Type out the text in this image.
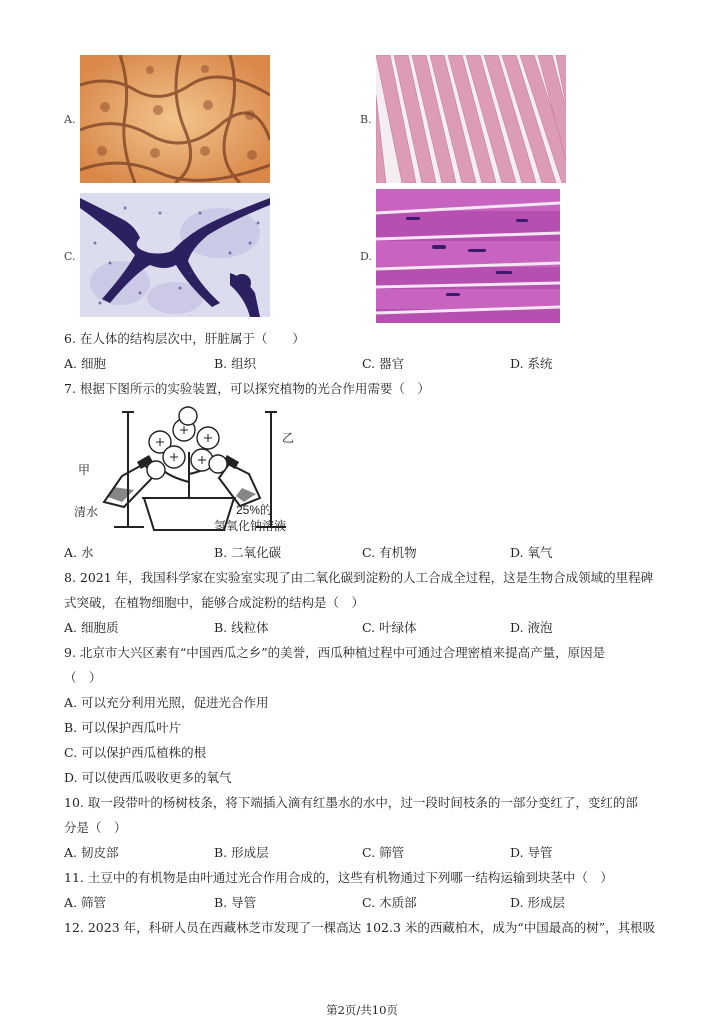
A.	B.
C.	D.
6. 在人体的结构层次中，肝脏属于（　　）
A. 细胞	B. 组织	C. 器官	D. 系统
7. 根据下图所示的实验装置，可以探究植物的光合作用需要（　）
甲
乙
清水	25%的
氢氧化钠溶液
A. 水	B. 二氧化碳	C. 有机物	D. 氧气
8. 2021 年，我国科学家在实验室实现了由二氧化碳到淀粉的人工合成全过程，这是生物合成领域的里程碑
式突破，在植物细胞中，能够合成淀粉的结构是（　）
A. 细胞质	B. 线粒体	C. 叶绿体	D. 液泡
9. 北京市大兴区素有“中国西瓜之乡”的美誉，西瓜种植过程中可通过合理密植来提高产量，原因是
（　）
A. 可以充分利用光照，促进光合作用
B. 可以保护西瓜叶片
C. 可以保护西瓜植株的根
D. 可以使西瓜吸收更多的氧气
10. 取一段带叶的杨树枝条，将下端插入滴有红墨水的水中，过一段时间枝条的一部分变红了，变红的部
分是（　）
A. 韧皮部	B. 形成层	C. 筛管	D. 导管
11. 土豆中的有机物是由叶通过光合作用合成的，这些有机物通过下列哪一结构运输到块茎中（　）
A. 筛管	B. 导管	C. 木质部	D. 形成层
12. 2023 年，科研人员在西藏林芝市发现了一棵高达 102.3 米的西藏柏木，成为“中国最高的树”，其根吸
第2页/共10页
